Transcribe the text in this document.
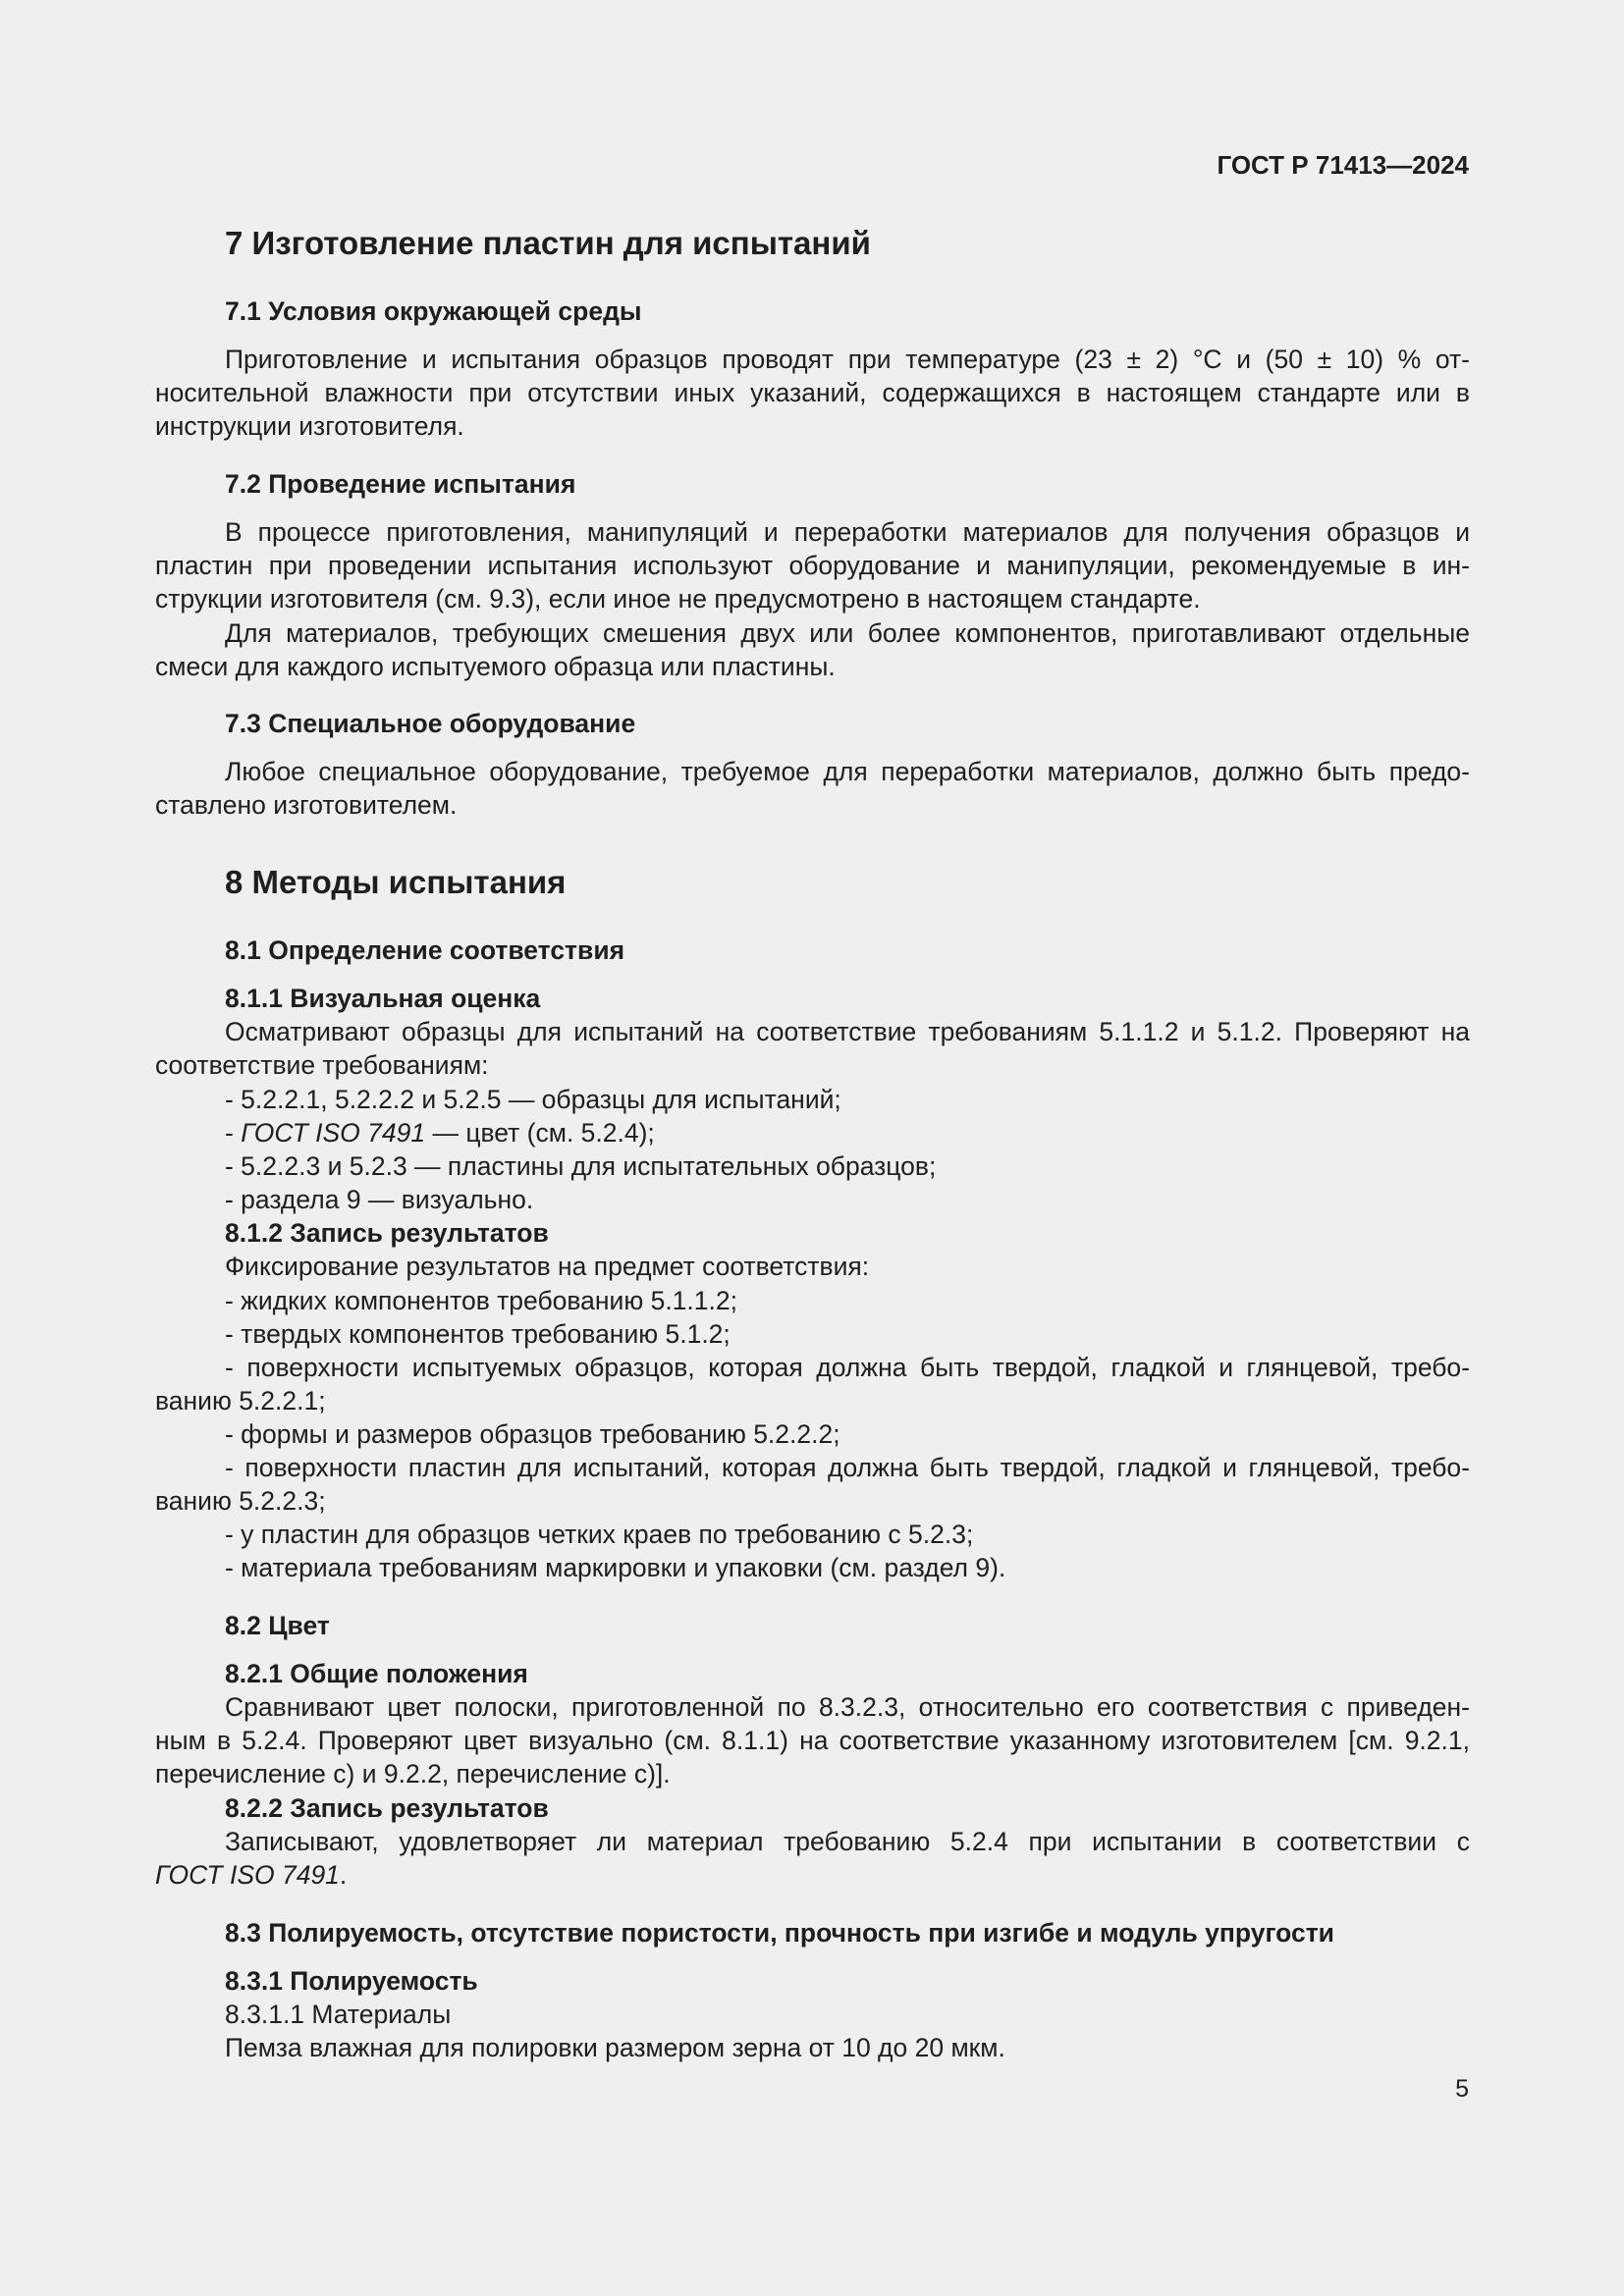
ГОСТ Р 71413—2024
7 Изготовление пластин для испытаний
7.1 Условия окружающей среды
Приготовление и испытания образцов проводят при температуре (23 ± 2) °С и (50 ± 10) % от-
носительной влажности при отсутствии иных указаний, содержащихся в настоящем стандарте или в
инструкции изготовителя.
7.2 Проведение испытания
В процессе приготовления, манипуляций и переработки материалов для получения образцов и
пластин при проведении испытания используют оборудование и манипуляции, рекомендуемые в ин-
струкции изготовителя (см. 9.3), если иное не предусмотрено в настоящем стандарте.
Для материалов, требующих смешения двух или более компонентов, приготавливают отдельные
смеси для каждого испытуемого образца или пластины.
7.3 Специальное оборудование
Любое специальное оборудование, требуемое для переработки материалов, должно быть предо-
ставлено изготовителем.
8 Методы испытания
8.1 Определение соответствия
8.1.1 Визуальная оценка
Осматривают образцы для испытаний на соответствие требованиям 5.1.1.2 и 5.1.2. Проверяют на
соответствие требованиям:
- 5.2.2.1, 5.2.2.2 и 5.2.5 — образцы для испытаний;
- ГОСТ ISO 7491 — цвет (см. 5.2.4);
- 5.2.2.3 и 5.2.3 — пластины для испытательных образцов;
- раздела 9 — визуально.
8.1.2 Запись результатов
Фиксирование результатов на предмет соответствия:
- жидких компонентов требованию 5.1.1.2;
- твердых компонентов требованию 5.1.2;
- поверхности испытуемых образцов, которая должна быть твердой, гладкой и глянцевой, требо-
ванию 5.2.2.1;
- формы и размеров образцов требованию 5.2.2.2;
- поверхности пластин для испытаний, которая должна быть твердой, гладкой и глянцевой, требо-
ванию 5.2.2.3;
- у пластин для образцов четких краев по требованию с 5.2.3;
- материала требованиям маркировки и упаковки (см. раздел 9).
8.2 Цвет
8.2.1 Общие положения
Сравнивают цвет полоски, приготовленной по 8.3.2.3, относительно его соответствия с приведен-
ным в 5.2.4. Проверяют цвет визуально (см. 8.1.1) на соответствие указанному изготовителем [см. 9.2.1,
перечисление с) и 9.2.2, перечисление с)].
8.2.2 Запись результатов
Записывают, удовлетворяет ли материал требованию 5.2.4 при испытании в соответствии с
ГОСТ ISO 7491.
8.3 Полируемость, отсутствие пористости, прочность при изгибе и модуль упругости
8.3.1 Полируемость
8.3.1.1 Материалы
Пемза влажная для полировки размером зерна от 10 до 20 мкм.
5
